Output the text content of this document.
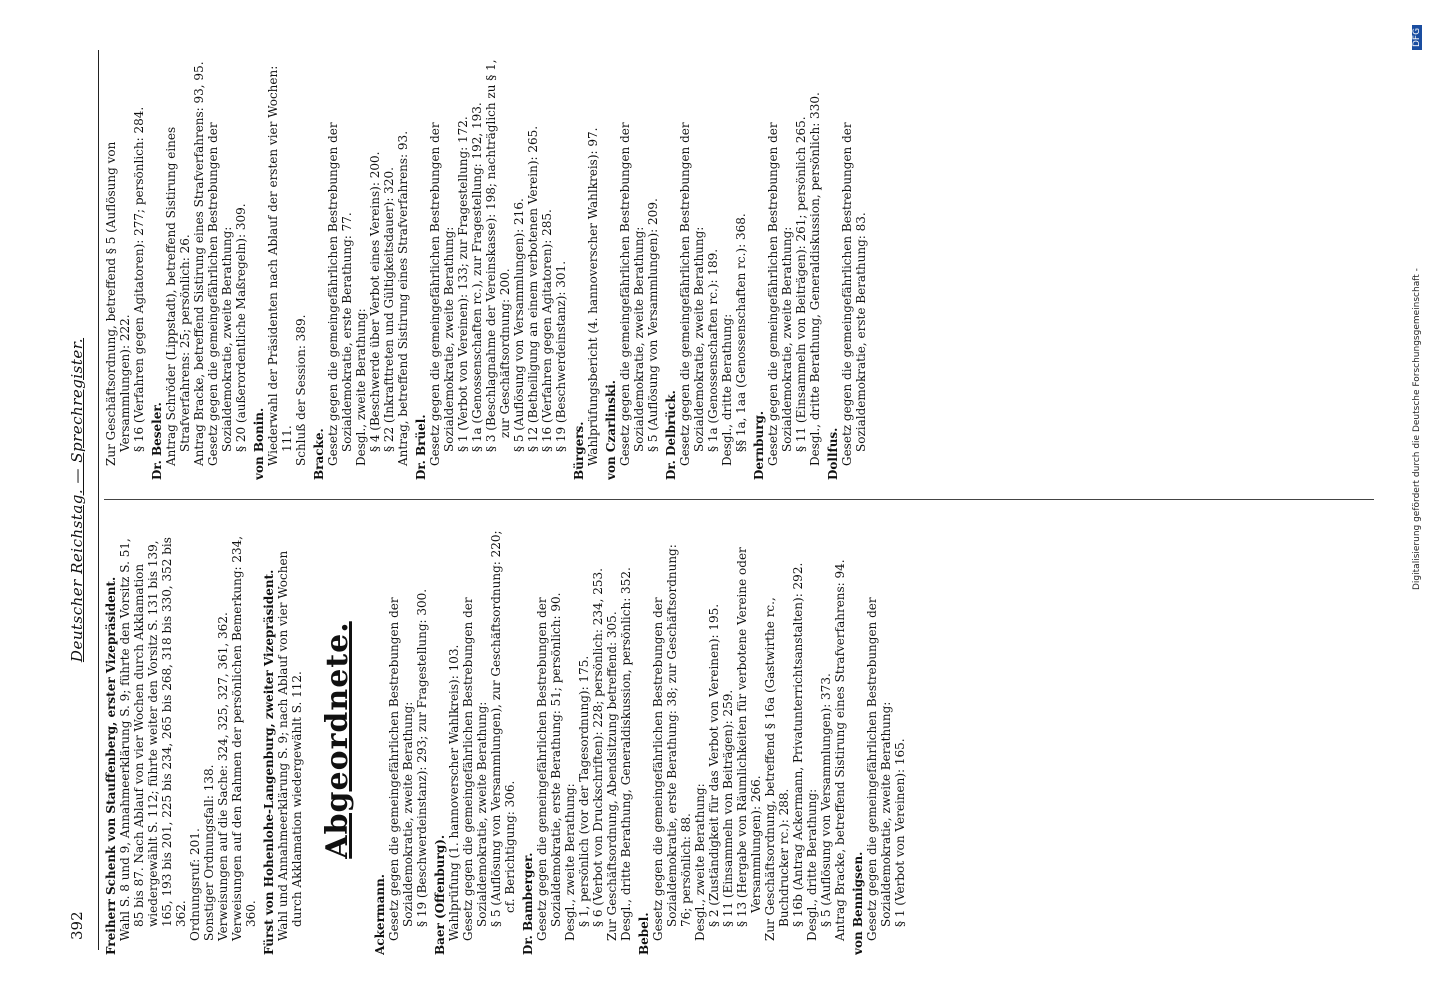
392
Deutscher Reichstag. — Sprechregister.
Freiherr Schenk von Stauffenberg, erster Vizepräsident. Wahl S. 8 und 9, Annahmeerklärung S. 9; führte den Vorsitz S. 51, 85 bis 87. Nach Ablauf von vier Wochen durch Akklamation wiedergewählt S. 112; führte weiter den Vorsitz S. 131 bis 139, 165, 193 bis 201, 225 bis 234, 265 bis 268, 318 bis 330, 352 bis 362. Ordnungsruf: 201. Sonstiger Ordnungsfall: 138. Verweisungen auf die Sache: 324, 325, 327, 361, 362. Verweisungen auf den Rahmen der persönlichen Bemerkung: 234, 360. Fürst von Hohenlohe-Langenburg, zweiter Vizepräsident. Wahl und Annahmeerklärung S. 9; nach Ablauf von vier Wochen durch Akklamation wiedergewählt S. 112. Abgeordnete.
Ackermann. Gesetz gegen die gemeingefährlichen Bestrebungen der Sozialdemokratie, zweite Berathung: § 19 (Beschwerdeinstanz): 293; zur Fragestellung: 300. Baer (Offenburg). Wahlprüfung (1. hannoverscher Wahlkreis): 103. Gesetz gegen die gemeingefährlichen Bestrebungen der Sozialdemokratie, zweite Berathung: § 5 (Auflösung von Versammlungen), zur Geschäftsordnung: 220; cf. Berichtigung: 306. Dr. Bamberger. Gesetz gegen die gemeingefährlichen Bestrebungen der Sozialdemokratie, erste Berathung: 51; persönlich: 90. Desgl., zweite Berathung: § 1, persönlich (vor der Tagesordnung): 175. § 6 (Verbot von Druckschriften): 228; persönlich: 234, 253. Zur Geschäftsordnung, Abendsitzung betreffend: 305. Desgl., dritte Berathung, Generaldiskussion, persönlich: 352. Bebel. Gesetz gegen die gemeingefährlichen Bestrebungen der Sozialdemokratie, erste Berathung: 38; zur Geschäftsordnung: 76; persönlich: 88. Desgl., zweite Berathung: § 2 (Zuständigkeit für das Verbot von Vereinen): 195. § 11 (Einsammeln von Beiträgen): 259. § 13 (Hergabe von Räumlichkeiten für verbotene Vereine oder Versammlungen): 266. Zur Geschäftsordnung, betreffend § 16a (Gastwirthe rc., Buchdrucker rc.): 288. § 16b (Antrag Ackermann, Privatunterrichtsanstalten): 292. Desgl., dritte Berathung: § 5 (Auflösung von Versammlungen): 373. Antrag Bracke, betreffend Sistirung eines Strafverfahrens: 94. von Bennigsen. Gesetz gegen die gemeingefährlichen Bestrebungen der Sozialdemokratie, zweite Berathung: § 1 (Verbot von Vereinen): 165.
Zur Geschäftsordnung, betreffend § 5 (Auflösung von Versammlungen): 222. § 16 (Verfahren gegen Agitatoren): 277; persönlich: 284. Dr. Beseler. Antrag Schröder (Lippstadt), betreffend Sistirung eines Strafverfahrens: 25; persönlich: 26. Antrag Bracke, betreffend Sistirung eines Strafverfahrens: 93, 95. Gesetz gegen die gemeingefährlichen Bestrebungen der Sozialdemokratie, zweite Berathung: § 20 (außerordentliche Maßregeln): 309. von Bonin. Wiederwahl der Präsidenten nach Ablauf der ersten vier Wochen: 111. Schluß der Session: 389. Bracke. Gesetz gegen die gemeingefährlichen Bestrebungen der Sozialdemokratie, erste Berathung: 77. Desgl., zweite Berathung: § 4 (Beschwerde über Verbot eines Vereins): 200. § 22 (Inkrafttreten und Gültigkeitsdauer): 320. Antrag, betreffend Sistirung eines Strafverfahrens: 93. Dr. Brüel. Gesetz gegen die gemeingefährlichen Bestrebungen der Sozialdemokratie, zweite Berathung: § 1 (Verbot von Vereinen): 133; zur Fragestellung: 172. § 1a (Genossenschaften rc.), zur Fragestellung: 192, 193. § 3 (Beschlagnahme der Vereinskasse): 198; nachträglich zu § 1, zur Geschäftsordnung: 200. § 5 (Auflösung von Versammlungen): 216. § 12 (Betheiligung an einem verbotenen Verein): 265. § 16 (Verfahren gegen Agitatoren): 285. § 19 (Beschwerdeinstanz): 301. Bürgers. Wahlprüfungsbericht (4. hannoverscher Wahlkreis): 97. von Czarlinski. Gesetz gegen die gemeingefährlichen Bestrebungen der Sozialdemokratie, zweite Berathung: § 5 (Auflösung von Versammlungen): 209. Dr. Delbrück. Gesetz gegen die gemeingefährlichen Bestrebungen der Sozialdemokratie, zweite Berathung: § 1a (Genossenschaften rc.): 189. Desgl., dritte Berathung: §§ 1a, 1aa (Genossenschaften rc.): 368. Dernburg. Gesetz gegen die gemeingefährlichen Bestrebungen der Sozialdemokratie, zweite Berathung: § 11 (Einsammeln von Beiträgen): 261; persönlich 265. Desgl., dritte Berathung, Generaldiskussion, persönlich: 330. Dollfus. Gesetz gegen die gemeingefährlichen Bestrebungen der Sozialdemokratie, erste Berathung: 83.	Digitalisierung gefördert durch die Deutsche Forschungsgemeinschaft -
DFG
